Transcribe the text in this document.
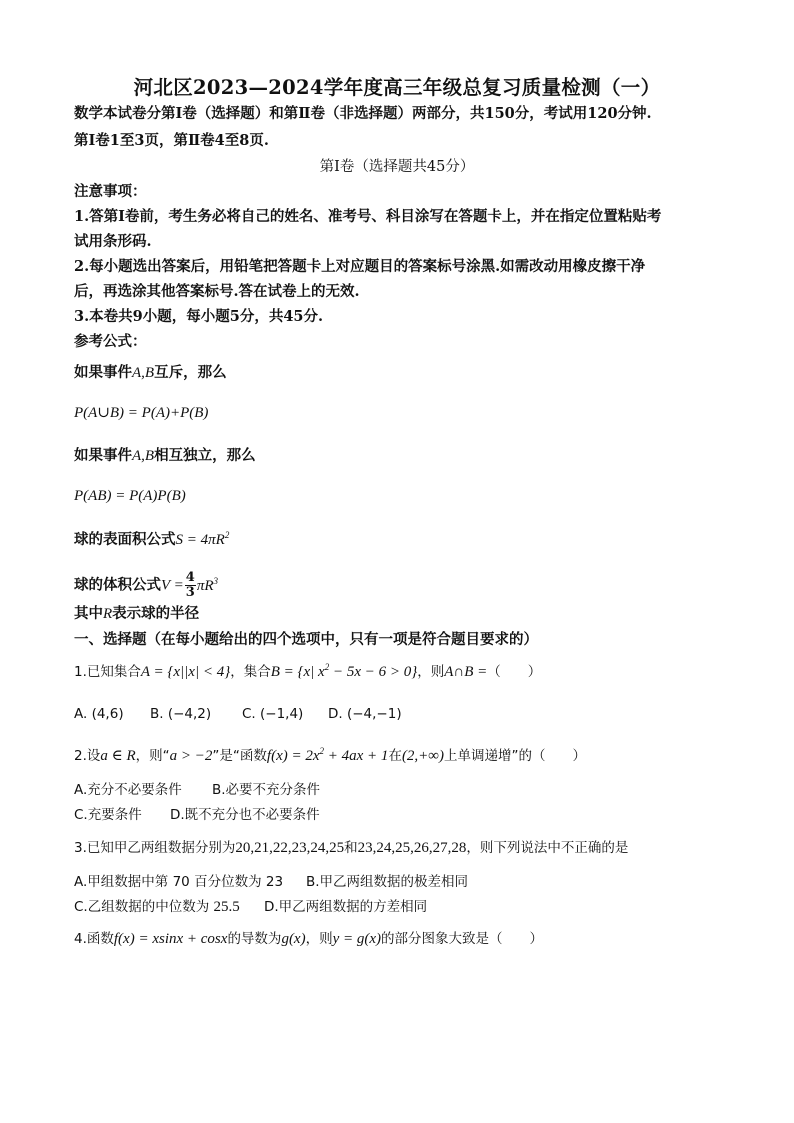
河北区2023—2024学年度高三年级总复习质量检测（一）
数学本试卷分第Ⅰ卷（选择题）和第Ⅱ卷（非选择题）两部分，共150分，考试用120分钟.
第Ⅰ卷1至3页，第Ⅱ卷4至8页.
第Ⅰ卷（选择题共45分）
注意事项：
1.答第Ⅰ卷前，考生务必将自己的姓名、准考号、科目涂写在答题卡上，并在指定位置粘贴考
试用条形码.
2.每小题选出答案后，用铅笔把答题卡上对应题目的答案标号涂黑.如需改动用橡皮擦干净
后，再选涂其他答案标号.答在试卷上的无效.
3.本卷共9小题，每小题5分，共45分.
参考公式：
如果事件A,B互斥，那么
P(A∪B) = P(A)+P(B)
如果事件A,B相互独立，那么
P(AB) = P(A)P(B)
球的表面积公式$S = 4\pi R^2$
球的体积公式$V = \frac{4}{3} \pi R^3$
其中R表示球的半径
一、选择题（在每小题给出的四个选项中，只有一项是符合题目要求的）
1.已知集合A = {x||x| < 4}，集合B = {x| $x^2 - 5x - 6 > 0$}，则A∩B =（　　）
A. (4,6) B. (−4,2) C. (−1,4) D. (−4,−1)
2.设a ∈ R，则“a > −2”是“函数$f(x) = 2x^2 + 4ax + 1$在(2,+∞)上单调递增”的（　　）
A.充分不必要条件 B.必要不充分条件
C.充要条件 D.既不充分也不必要条件
3.已知甲乙两组数据分别为20,21,22,23,24,25和23,24,25,26,27,28，则下列说法中不正确的是
A.甲组数据中第 70 百分位数为 23 B.甲乙两组数据的极差相同
C.乙组数据的中位数为 25.5 D.甲乙两组数据的方差相同
4.函数f(x) = xsinx + cosx的导数为g(x)，则y = g(x)的部分图象大致是（　　）
